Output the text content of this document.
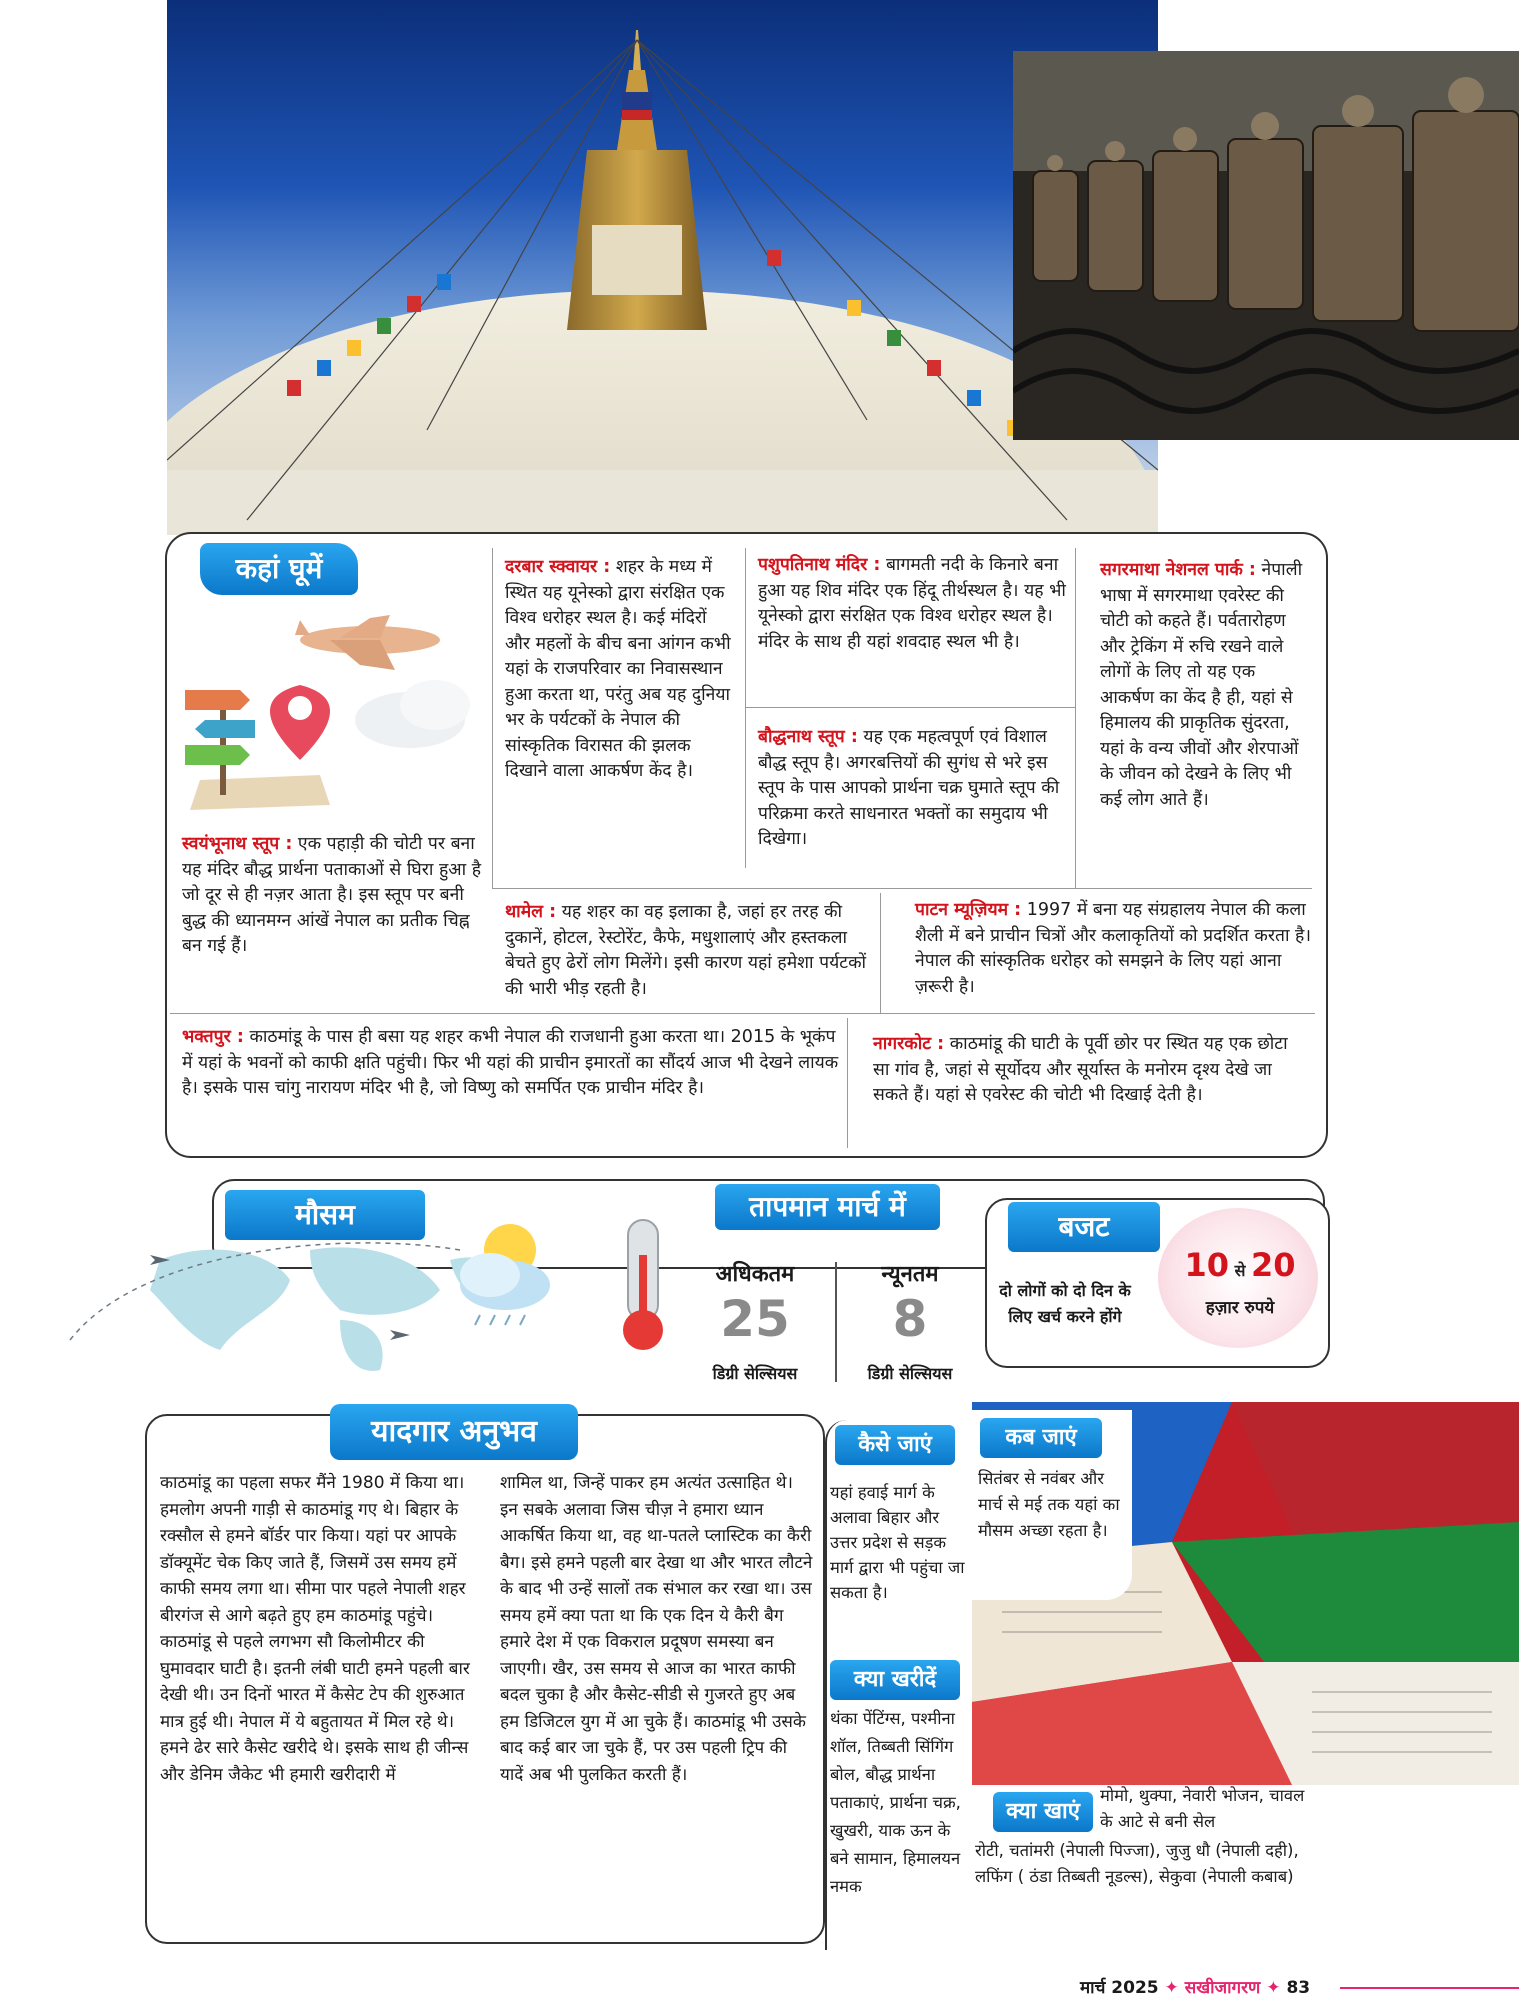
कहां घूमें	दरबार स्क्वायर : शहर के मध्य में स्थित यह यूनेस्को द्वारा संरक्षित एक विश्व धरोहर स्थल है। कई मंदिरों और महलों के बीच बना आंगन कभी यहां के राजपरिवार का निवासस्थान हुआ करता था, परंतु अब यह दुनिया भर के पर्यटकों के नेपाल की सांस्कृतिक विरासत की झलक दिखाने वाला आकर्षण केंद है।
पशुपतिनाथ मंदिर : बागमती नदी के किनारे बना हुआ यह शिव मंदिर एक हिंदू तीर्थस्थल है। यह भी यूनेस्को द्वारा संरक्षित एक विश्व धरोहर स्थल है। मंदिर के साथ ही यहां शवदाह स्थल भी है।
सगरमाथा नेशनल पार्क : नेपाली भाषा में सगरमाथा एवरेस्ट की चोटी को कहते हैं। पर्वतारोहण और ट्रेकिंग में रुचि रखने वाले लोगों के लिए तो यह एक आकर्षण का केंद है ही, यहां से हिमालय की प्राकृतिक सुंदरता, यहां के वन्य जीवों और शेरपाओं के जीवन को देखने के लिए भी कई लोग आते हैं।
बौद्धनाथ स्तूप : यह एक महत्वपूर्ण एवं विशाल बौद्ध स्तूप है। अगरबत्तियों की सुगंध से भरे इस स्तूप के पास आपको प्रार्थना चक्र घुमाते स्तूप की परिक्रमा करते साधनारत भक्तों का समुदाय भी दिखेगा।
स्वयंभूनाथ स्तूप : एक पहाड़ी की चोटी पर बना यह मंदिर बौद्ध प्रार्थना पताकाओं से घिरा हुआ है जो दूर से ही नज़र आता है। इस स्तूप पर बनी बुद्ध की ध्यानमग्न आंखें नेपाल का प्रतीक चिह्न बन गई हैं।
थामेल : यह शहर का वह इलाका है, जहां हर तरह की दुकानें, होटल, रेस्टोरेंट, कैफे, मधुशालाएं और हस्तकला बेचते हुए ढेरों लोग मिलेंगे। इसी कारण यहां हमेशा पर्यटकों की भारी भीड़ रहती है।
पाटन म्यूज़ियम : 1997 में बना यह संग्रहालय नेपाल की कला शैली में बने प्राचीन चित्रों और कलाकृतियों को प्रदर्शित करता है। नेपाल की सांस्कृतिक धरोहर को समझने के लिए यहां आना ज़रूरी है।
भक्तपुर : काठमांडू के पास ही बसा यह शहर कभी नेपाल की राजधानी हुआ करता था। 2015 के भूकंप में यहां के भवनों को काफी क्षति पहुंची। फिर भी यहां की प्राचीन इमारतों का सौंदर्य आज भी देखने लायक है। इसके पास चांगु नारायण मंदिर भी है, जो विष्णु को समर्पित एक प्राचीन मंदिर है।
नागरकोट : काठमांडू की घाटी के पूर्वी छोर पर स्थित यह एक छोटा सा गांव है, जहां से सूर्योदय और सूर्यास्त के मनोरम दृश्य देखे जा सकते हैं। यहां से एवरेस्ट की चोटी भी दिखाई देती है।
मौसम	तापमान मार्च में
अधिकतम
25
डिग्री सेल्सियस
न्यूनतम
8
डिग्री सेल्सियस
बजट
दो लोगों को दो दिन के लिए खर्च करने होंगे
10 से 20
हज़ार रुपये
यादगार अनुभव
काठमांडू का पहला सफर मैंने 1980 में किया था। हमलोग अपनी गाड़ी से काठमांडू गए थे। बिहार के रक्सौल से हमने बॉर्डर पार किया। यहां पर आपके डॉक्यूमेंट चेक किए जाते हैं, जिसमें उस समय हमें काफी समय लगा था। सीमा पार पहले नेपाली शहर बीरगंज से आगे बढ़ते हुए हम काठमांडू पहुंचे। काठमांडू से पहले लगभग सौ किलोमीटर की घुमावदार घाटी है। इतनी लंबी घाटी हमने पहली बार देखी थी। उन दिनों भारत में कैसेट टेप की शुरुआत मात्र हुई थी। नेपाल में ये बहुतायत में मिल रहे थे। हमने ढेर सारे कैसेट खरीदे थे। इसके साथ ही जीन्स और डेनिम जैकेट भी हमारी खरीदारी में
शामिल था, जिन्हें पाकर हम अत्यंत उत्साहित थे। इन सबके अलावा जिस चीज़ ने हमारा ध्यान आकर्षित किया था, वह था-पतले प्लास्टिक का कैरी बैग। इसे हमने पहली बार देखा था और भारत लौटने के बाद भी उन्हें सालों तक संभाल कर रखा था। उस समय हमें क्या पता था कि एक दिन ये कैरी बैग हमारे देश में एक विकराल प्रदूषण समस्या बन जाएगी। खैर, उस समय से आज का भारत काफी बदल चुका है और कैसेट-सीडी से गुजरते हुए अब हम डिजिटल युग में आ चुके हैं। काठमांडू भी उसके बाद कई बार जा चुके हैं, पर उस पहली ट्रिप की यादें अब भी पुलकित करती हैं।
कैसे जाएं
यहां हवाई मार्ग के अलावा बिहार और उत्तर प्रदेश से सड़क मार्ग द्वारा भी पहुंचा जा सकता है।
क्या खरीदें
थंका पेंटिंग्स, पश्मीना शॉल, तिब्बती सिंगिंग बोल, बौद्ध प्रार्थना पताकाएं, प्रार्थना चक्र, खुखरी, याक ऊन के बने सामान, हिमालयन नमक
कब जाएं
सितंबर से नवंबर और मार्च से मई तक यहां का मौसम अच्छा रहता है।
क्या खाएं
मोमो, थुक्पा, नेवारी भोजन, चावल के आटे से बनी सेल
रोटी, चतांमरी (नेपाली पिज्जा), जुजु धौ (नेपाली दही), लफिंग ( ठंडा तिब्बती नूडल्स), सेकुवा (नेपाली कबाब)
मार्च 2025 ✦ सखीजागरण ✦ 83
